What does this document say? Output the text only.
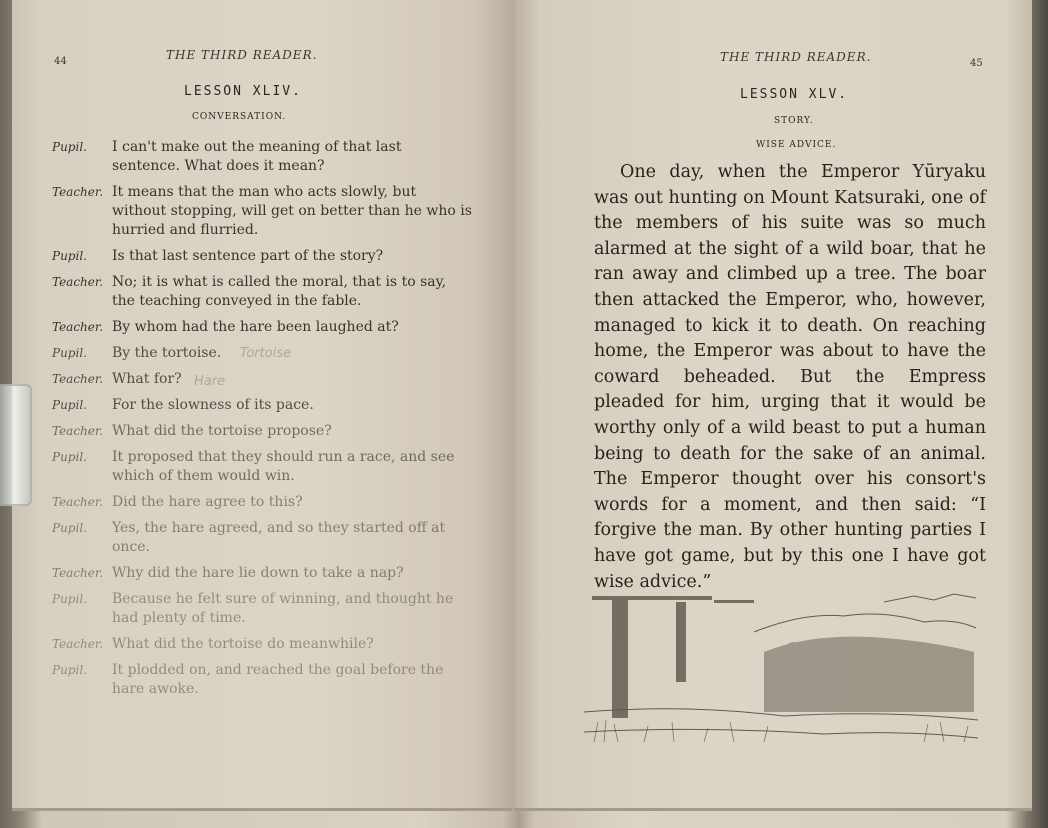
44	THE THIRD READER.
LESSON XLIV.
CONVERSATION.
Pupil. I can't make out the meaning of that last sentence. What does it mean?
Teacher. It means that the man who acts slowly, but without stopping, will get on better than he who is hurried and flurried.
Pupil. Is that last sentence part of the story?
Teacher. No; it is what is called the moral, that is to say, the teaching conveyed in the fable.
Teacher. By whom had the hare been laughed at?
Pupil. By the tortoise.
Teacher. What for?
Pupil. For the slowness of its pace.
Teacher. What did the tortoise propose?
Pupil. It proposed that they should run a race, and see which of them would win.
Teacher. Did the hare agree to this?
Pupil. Yes, the hare agreed, and so they started off at once.
Teacher. Why did the hare lie down to take a nap?
Pupil. Because he felt sure of winning, and thought he had plenty of time.
Teacher. What did the tortoise do meanwhile?
Pupil. It plodded on, and reached the goal before the hare awoke.
Tortoise
Hare
THE THIRD READER.	45
LESSON XLV.
STORY.
WISE ADVICE.

One day, when the Emperor Yūryaku was out hunting on Mount Katsuraki, one of the members of his suite was so much alarmed at the sight of a wild boar, that he ran away and climbed up a tree. The boar then attacked the Emperor, who, however, managed to kick it to death. On reaching home, the Emperor was about to have the coward beheaded. But the Empress pleaded for him, urging that it would be worthy only of a wild beast to put a human being to death for the sake of an animal. The Emperor thought over his consort's words for a moment, and then said: “I forgive the man. By other hunting parties I have got game, but by this one I have got wise advice.”
